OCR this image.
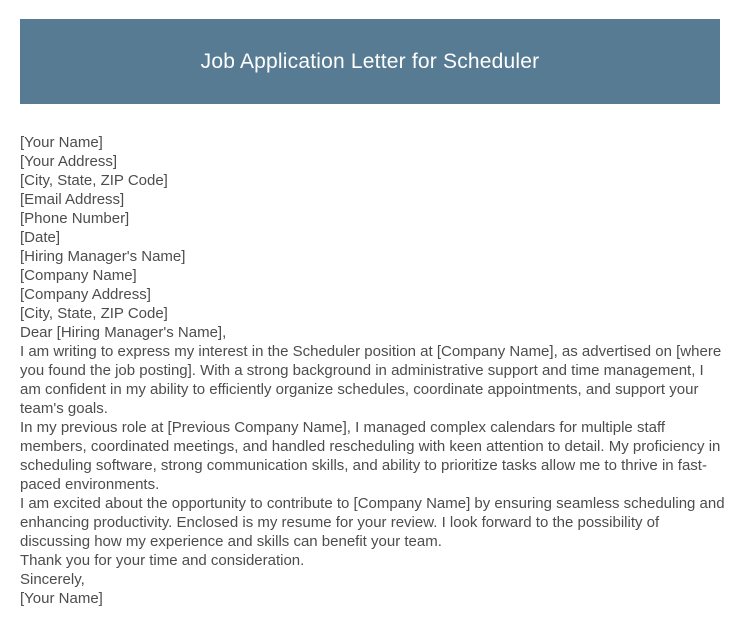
Job Application Letter for Scheduler

[Your Name]

[Your Address]

[City, State, ZIP Code]

[Email Address]

[Phone Number]

[Date]

[Hiring Manager's Name]

[Company Name]

[Company Address]

[City, State, ZIP Code]

Dear [Hiring Manager's Name],

I am writing to express my interest in the Scheduler position at [Company Name], as advertised on [where you found the job posting]. With a strong background in administrative support and time management, I am confident in my ability to efficiently organize schedules, coordinate appointments, and support your team's goals.

In my previous role at [Previous Company Name], I managed complex calendars for multiple staff members, coordinated meetings, and handled rescheduling with keen attention to detail. My proficiency in scheduling software, strong communication skills, and ability to prioritize tasks allow me to thrive in fast-paced environments.

I am excited about the opportunity to contribute to [Company Name] by ensuring seamless scheduling and enhancing productivity. Enclosed is my resume for your review. I look forward to the possibility of discussing how my experience and skills can benefit your team.

Thank you for your time and consideration.

Sincerely,

[Your Name]
